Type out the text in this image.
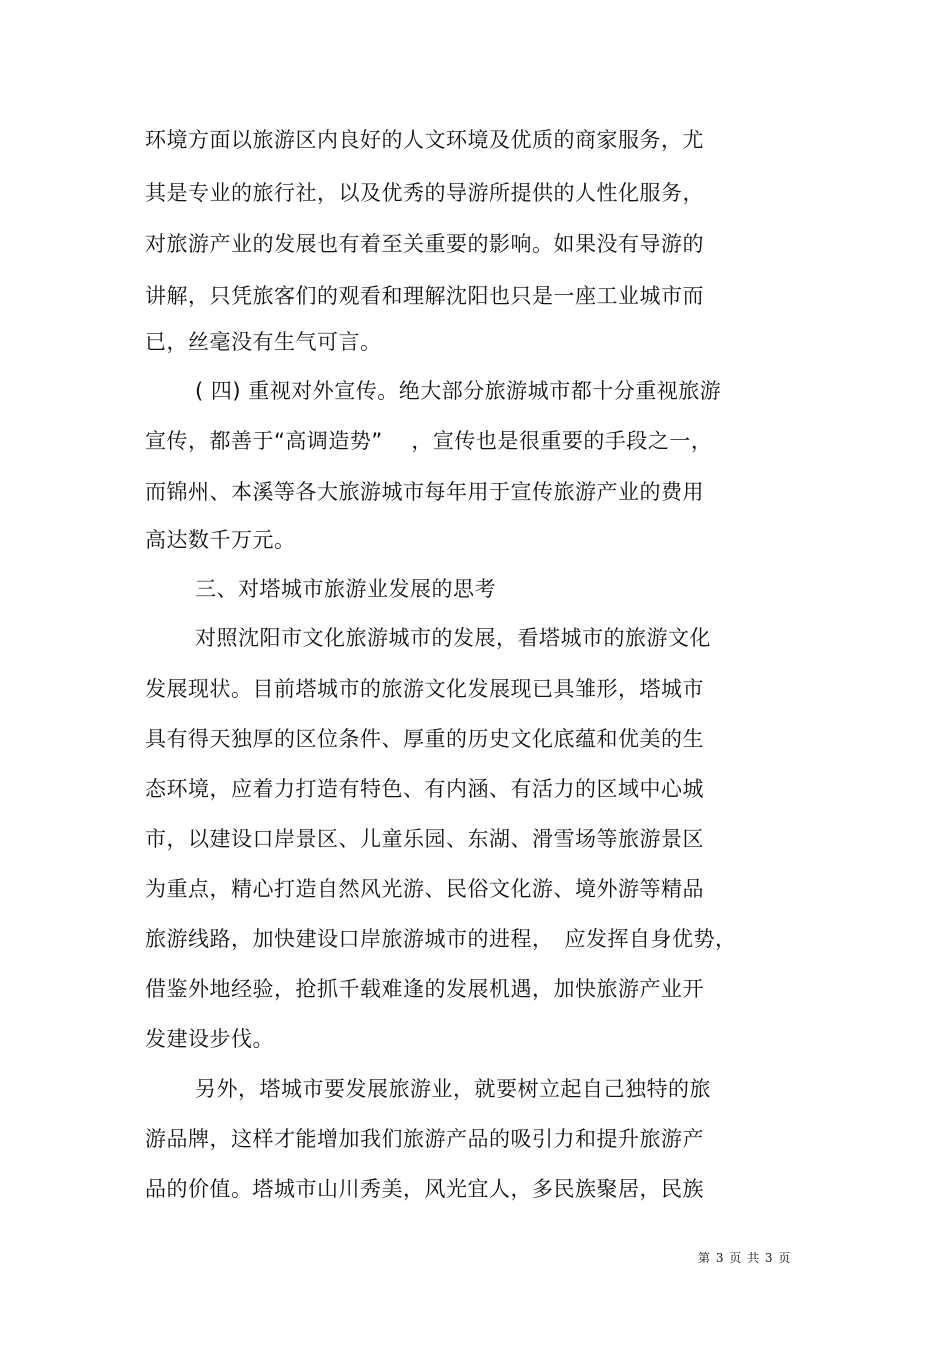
环境方面以旅游区内良好的人文环境及优质的商家服务，尤
其是专业的旅行社，以及优秀的导游所提供的人性化服务，
对旅游产业的发展也有着至关重要的影响。如果没有导游的
讲解，只凭旅客们的观看和理解沈阳也只是一座工业城市而
已，丝毫没有生气可言。
( 四) 重视对外宣传。绝大部分旅游城市都十分重视旅游
宣传，都善于“高调造势”　 ，宣传也是很重要的手段之一，
而锦州、本溪等各大旅游城市每年用于宣传旅游产业的费用
高达数千万元。
三、对塔城市旅游业发展的思考
对照沈阳市文化旅游城市的发展，看塔城市的旅游文化
发展现状。目前塔城市的旅游文化发展现已具雏形，塔城市
具有得天独厚的区位条件、厚重的历史文化底蕴和优美的生
态环境，应着力打造有特色、有内涵、有活力的区域中心城
市，以建设口岸景区、儿童乐园、东湖、滑雪场等旅游景区
为重点，精心打造自然风光游、民俗文化游、境外游等精品
旅游线路，加快建设口岸旅游城市的进程，　应发挥自身优势，
借鉴外地经验，抢抓千载难逢的发展机遇，加快旅游产业开
发建设步伐。
另外，塔城市要发展旅游业，就要树立起自己独特的旅
游品牌，这样才能增加我们旅游产品的吸引力和提升旅游产
品的价值。塔城市山川秀美，风光宜人，多民族聚居，民族
第 3 页 共 3 页
